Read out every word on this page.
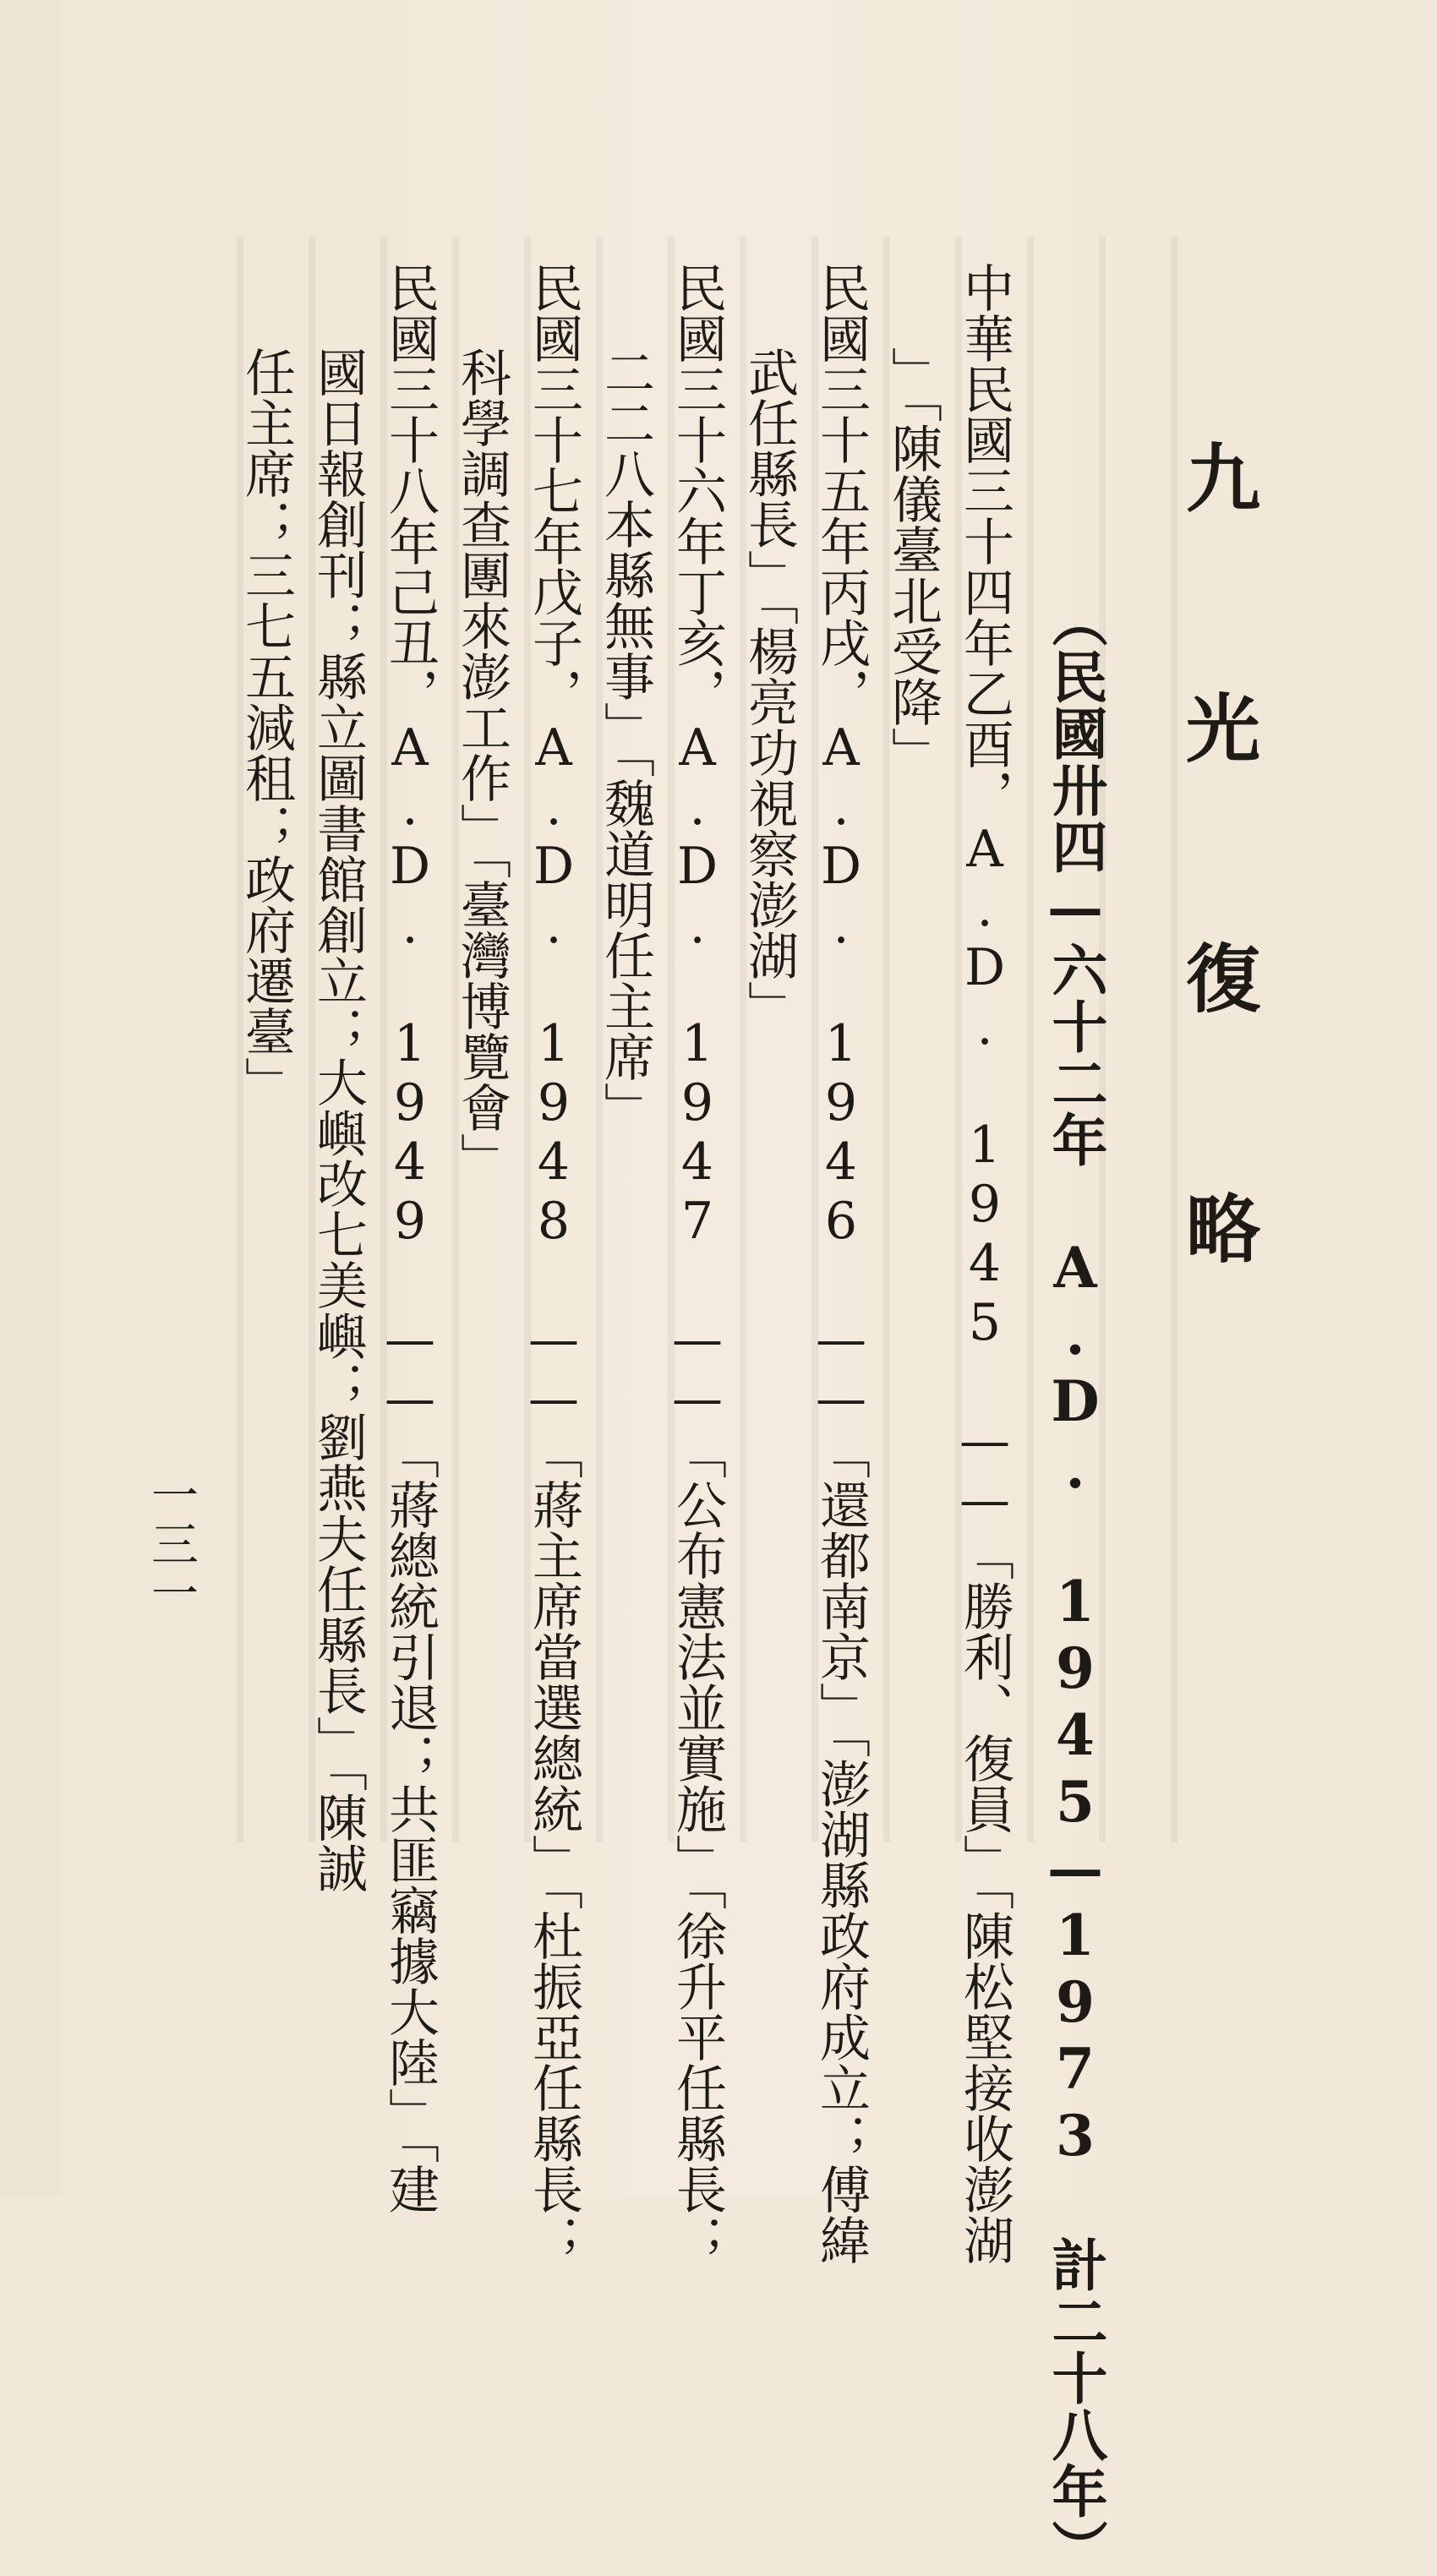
九 光 復 略
（民國卅四—六十二年 A.D. 1945—1973 計二十八年）
中華民國三十四年乙酉，A.D. 1945 ——「勝利、復員」「陳松堅接收澎湖
」「陳儀臺北受降」
民國三十五年丙戌，A.D. 1946 ——「還都南京」「澎湖縣政府成立；傅緯
武任縣長」「楊亮功視察澎湖」
民國三十六年丁亥，A.D. 1947 ——「公布憲法並實施」「徐升平任縣長；
二二八本縣無事」「魏道明任主席」
民國三十七年戊子，A.D. 1948 ——「蔣主席當選總統」「杜振亞任縣長；
科學調查團來澎工作」「臺灣博覽會」
民國三十八年己丑，A.D. 1949 ——「蔣總統引退；共匪竊據大陸」「建
國日報創刊；縣立圖書館創立；大嶼改七美嶼；劉燕夫任縣長」「陳誠
任主席；三七五減租；政府遷臺」
一三一
